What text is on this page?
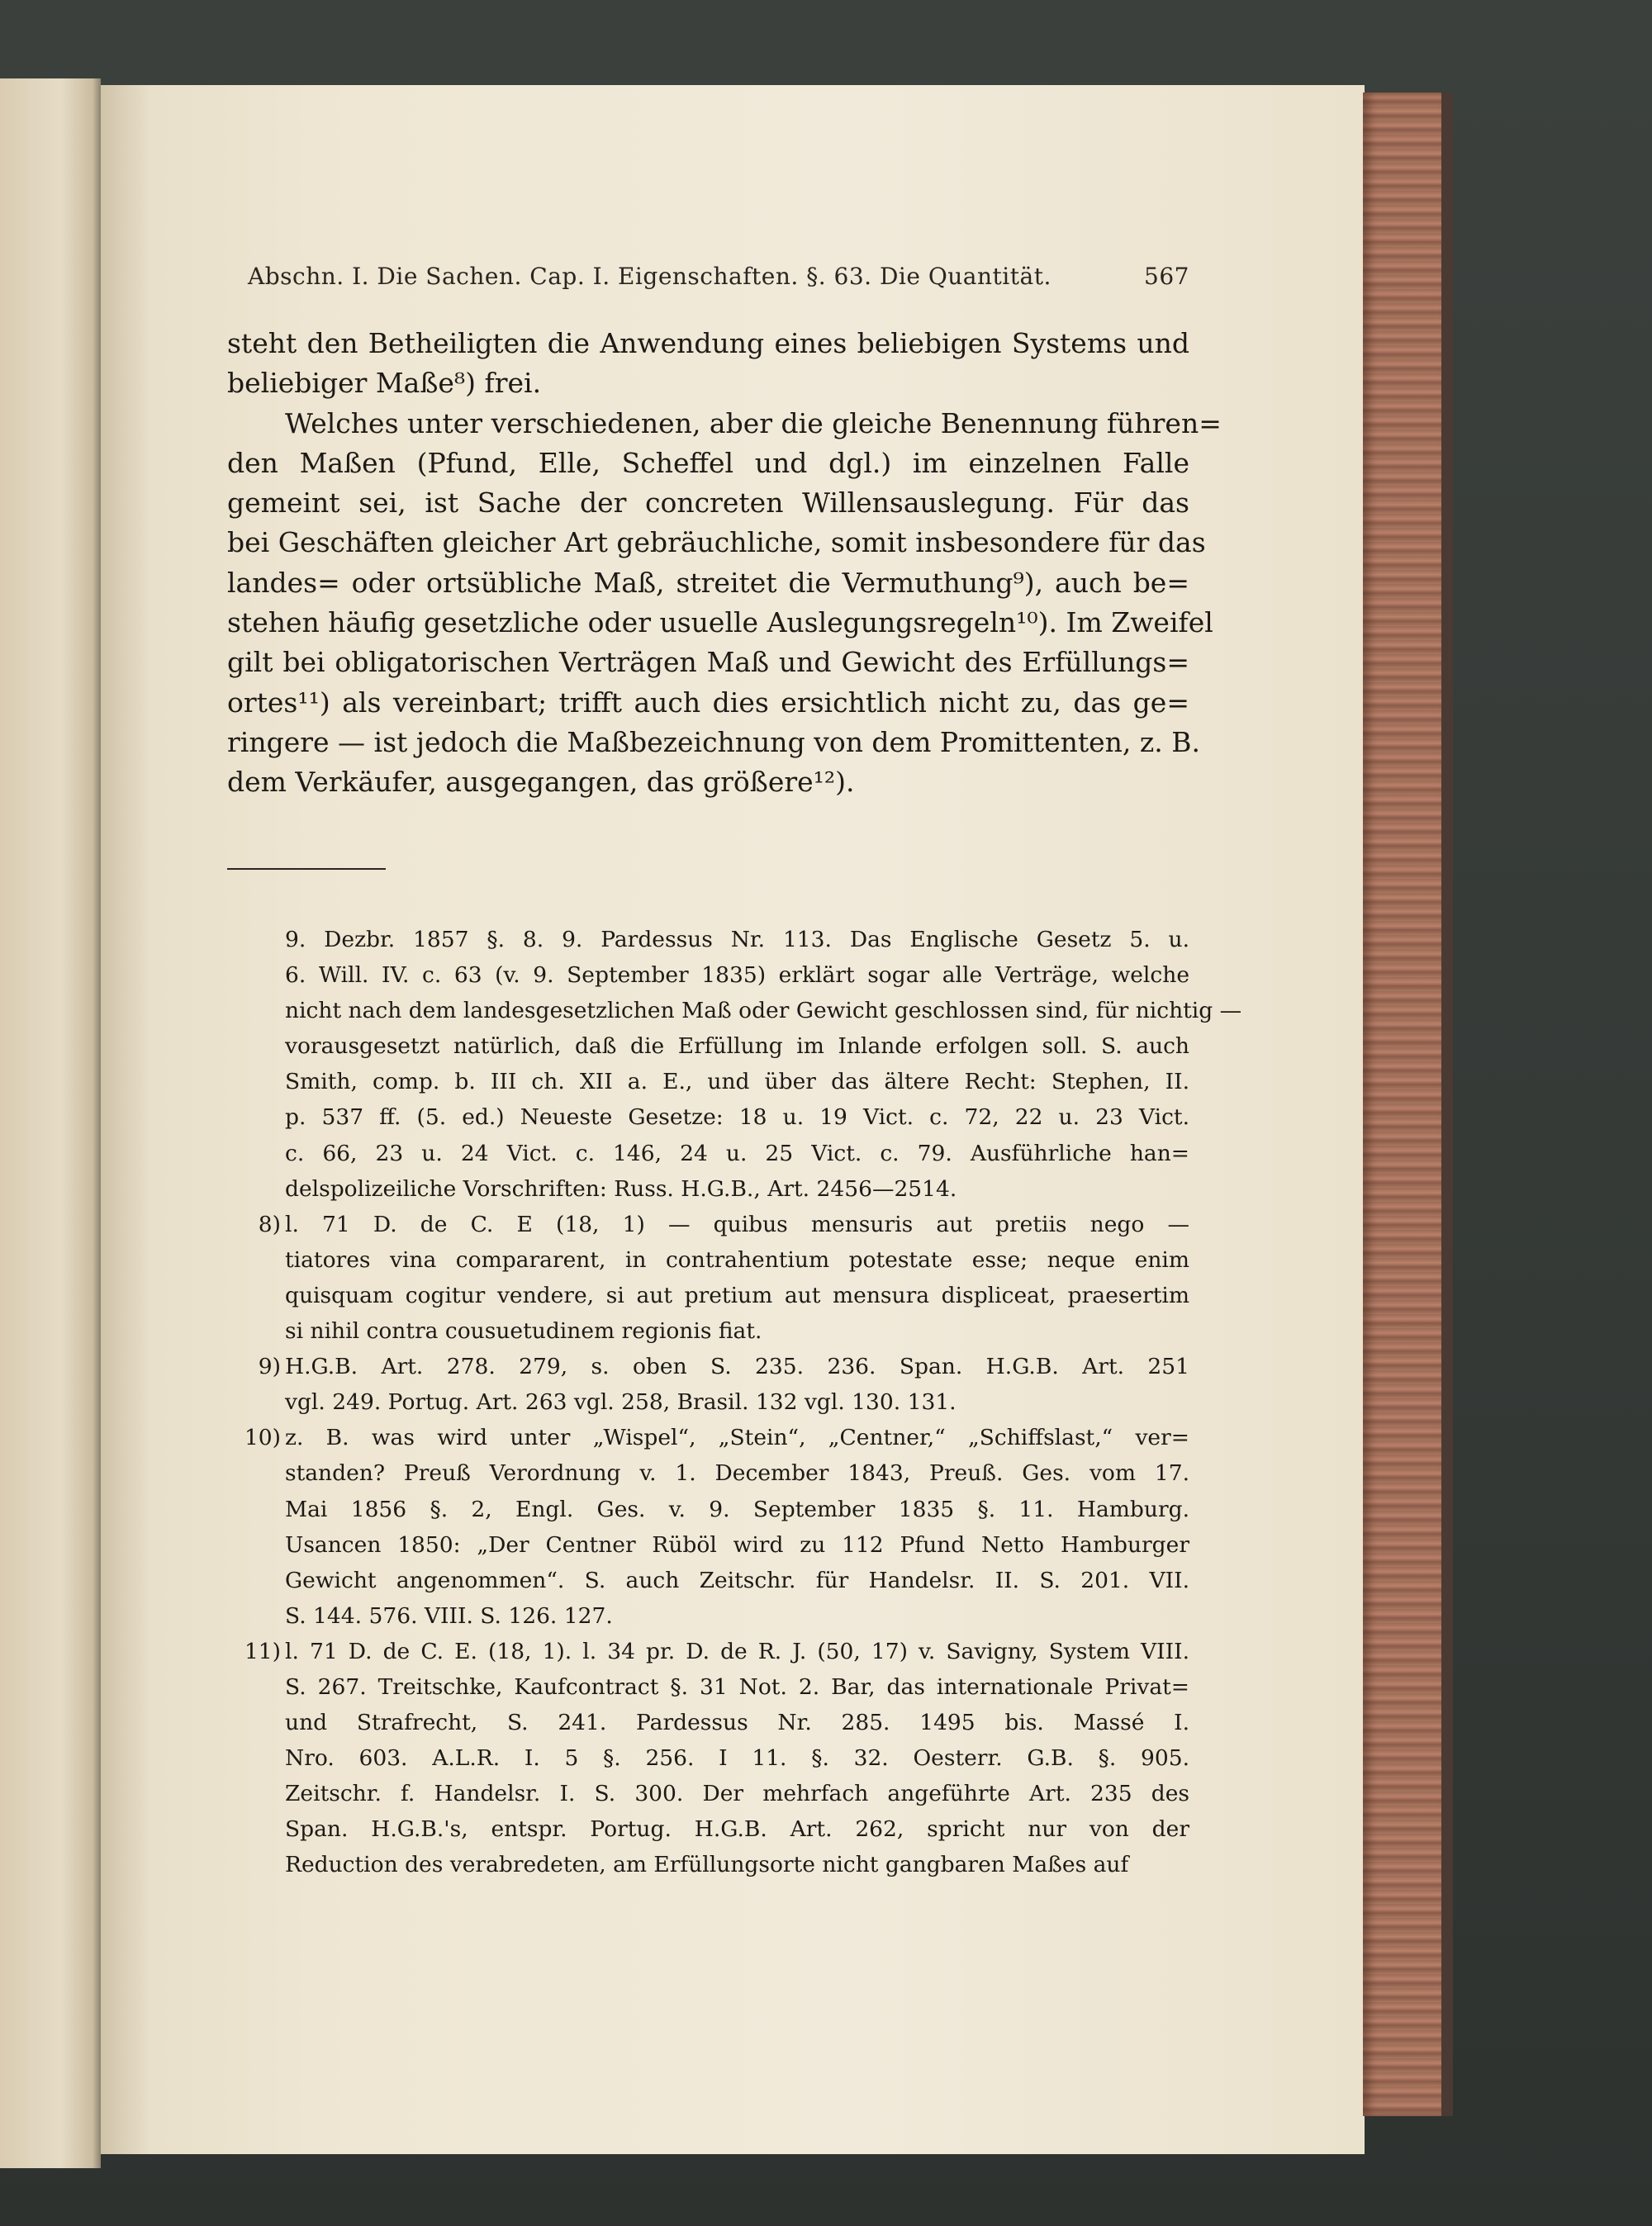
Abschn. I. Die Sachen. Cap. I. Eigenschaften. §. 63. Die Quantität.	567
steht den Betheiligten die Anwendung eines beliebigen Systems und
beliebiger Maße⁸) frei.
Welches unter verschiedenen, aber die gleiche Benennung führen=
den Maßen (Pfund, Elle, Scheffel und dgl.) im einzelnen Falle
gemeint sei, ist Sache der concreten Willensauslegung. Für das
bei Geschäften gleicher Art gebräuchliche, somit insbesondere für das
landes= oder ortsübliche Maß, streitet die Vermuthung⁹), auch be=
stehen häufig gesetzliche oder usuelle Auslegungsregeln¹⁰). Im Zweifel
gilt bei obligatorischen Verträgen Maß und Gewicht des Erfüllungs=
ortes¹¹) als vereinbart; trifft auch dies ersichtlich nicht zu, das ge=
ringere — ist jedoch die Maßbezeichnung von dem Promittenten, z. B.
dem Verkäufer, ausgegangen, das größere¹²).
9. Dezbr. 1857 §. 8. 9. Pardessus Nr. 113. Das Englische Gesetz 5. u.
6. Will. IV. c. 63 (v. 9. September 1835) erklärt sogar alle Verträge, welche
nicht nach dem landesgesetzlichen Maß oder Gewicht geschlossen sind, für nichtig —
vorausgesetzt natürlich, daß die Erfüllung im Inlande erfolgen soll. S. auch
Smith, comp. b. III ch. XII a. E., und über das ältere Recht: Stephen, II.
p. 537 ff. (5. ed.) Neueste Gesetze: 18 u. 19 Vict. c. 72, 22 u. 23 Vict.
c. 66, 23 u. 24 Vict. c. 146, 24 u. 25 Vict. c. 79. Ausführliche han=
delspolizeiliche Vorschriften: Russ. H.G.B., Art. 2456—2514.
8) l. 71 D. de C. E (18, 1) — quibus mensuris aut pretiis nego —
tiatores vina compararent, in contrahentium potestate esse; neque enim
quisquam cogitur vendere, si aut pretium aut mensura displiceat, praesertim
si nihil contra cousuetudinem regionis fiat.
9) H.G.B. Art. 278. 279, s. oben S. 235. 236. Span. H.G.B. Art. 251
vgl. 249. Portug. Art. 263 vgl. 258, Brasil. 132 vgl. 130. 131.
10) z. B. was wird unter „Wispel“, „Stein“, „Centner,“ „Schiffslast,“ ver=
standen? Preuß Verordnung v. 1. December 1843, Preuß. Ges. vom 17.
Mai 1856 §. 2, Engl. Ges. v. 9. September 1835 §. 11. Hamburg.
Usancen 1850: „Der Centner Rüböl wird zu 112 Pfund Netto Hamburger
Gewicht angenommen“. S. auch Zeitschr. für Handelsr. II. S. 201. VII.
S. 144. 576. VIII. S. 126. 127.
11) l. 71 D. de C. E. (18, 1). l. 34 pr. D. de R. J. (50, 17) v. Savigny, System VIII.
S. 267. Treitschke, Kaufcontract §. 31 Not. 2. Bar, das internationale Privat=
und Strafrecht, S. 241. Pardessus Nr. 285. 1495 bis. Massé I.
Nro. 603. A.L.R. I. 5 §. 256. I 11. §. 32. Oesterr. G.B. §. 905.
Zeitschr. f. Handelsr. I. S. 300. Der mehrfach angeführte Art. 235 des
Span. H.G.B.'s, entspr. Portug. H.G.B. Art. 262, spricht nur von der
Reduction des verabredeten, am Erfüllungsorte nicht gangbaren Maßes auf
